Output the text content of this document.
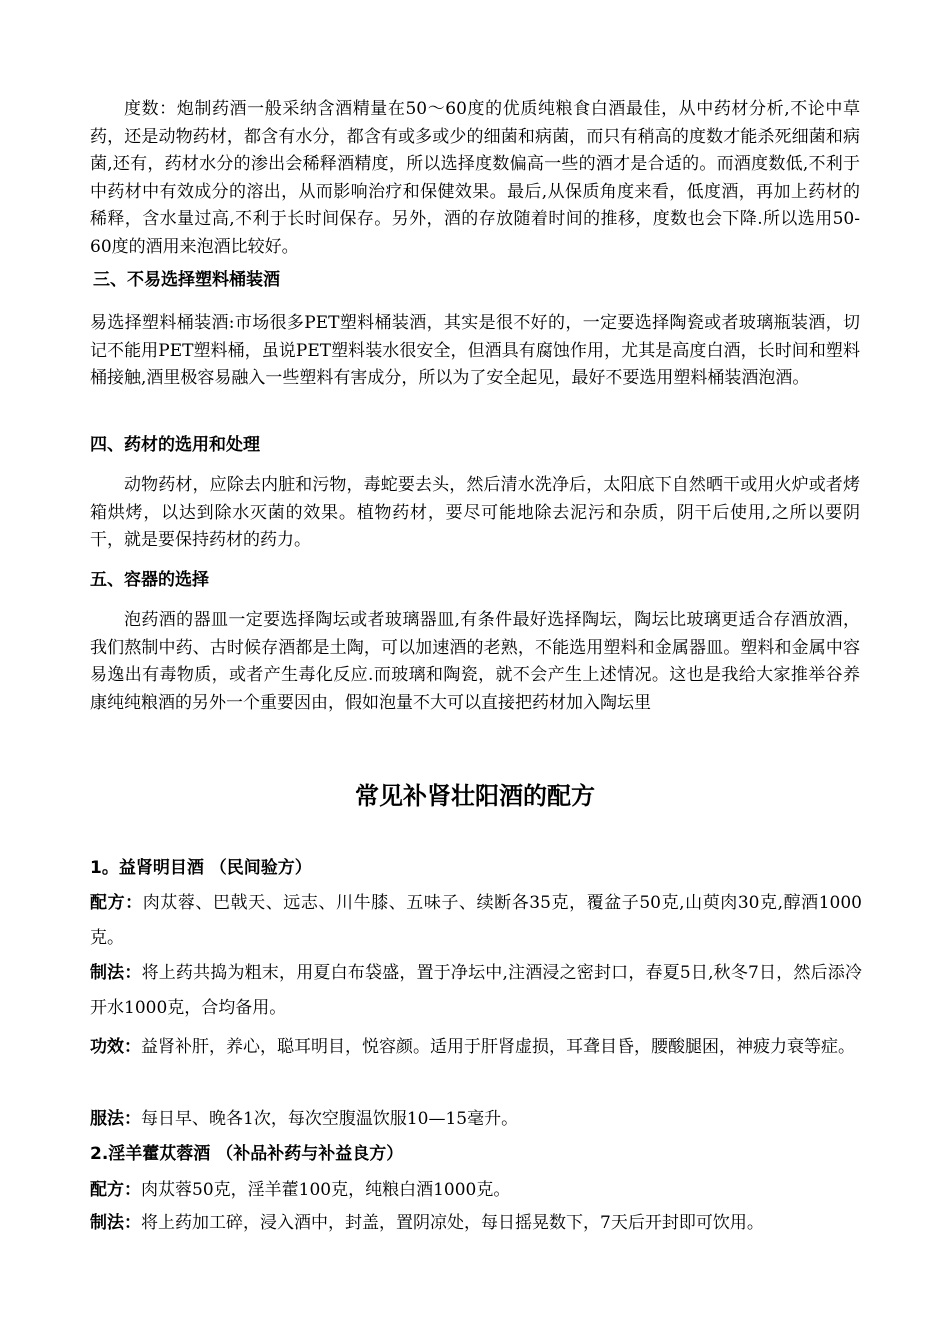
度数：炮制药酒一般采纳含酒精量在50～60度的优质纯粮食白酒最佳，从中药材分析,不论中草药，还是动物药材，都含有水分，都含有或多或少的细菌和病菌，而只有稍高的度数才能杀死细菌和病菌,还有，药材水分的渗出会稀释酒精度，所以选择度数偏高一些的酒才是合适的。而酒度数低,不利于中药材中有效成分的溶出，从而影响治疗和保健效果。最后,从保质角度来看，低度酒，再加上药材的稀释，含水量过高,不利于长时间保存。另外，酒的存放随着时间的推移，度数也会下降.所以选用50-60度的酒用来泡酒比较好。

三、不易选择塑料桶装酒

易选择塑料桶装酒:市场很多PET塑料桶装酒，其实是很不好的，一定要选择陶瓷或者玻璃瓶装酒，切记不能用PET塑料桶，虽说PET塑料装水很安全，但酒具有腐蚀作用，尤其是高度白酒，长时间和塑料桶接触,酒里极容易融入一些塑料有害成分，所以为了安全起见，最好不要选用塑料桶装酒泡酒。

四、药材的选用和处理

动物药材，应除去内脏和污物，毒蛇要去头，然后清水洗净后，太阳底下自然晒干或用火炉或者烤箱烘烤，以达到除水灭菌的效果。植物药材，要尽可能地除去泥污和杂质，阴干后使用,之所以要阴干，就是要保持药材的药力。

五、容器的选择

泡药酒的器皿一定要选择陶坛或者玻璃器皿,有条件最好选择陶坛，陶坛比玻璃更适合存酒放酒，我们熬制中药、古时候存酒都是土陶，可以加速酒的老熟，不能选用塑料和金属器皿。塑料和金属中容易逸出有毒物质，或者产生毒化反应.而玻璃和陶瓷，就不会产生上述情况。这也是我给大家推举谷养康纯纯粮酒的另外一个重要因由，假如泡量不大可以直接把药材加入陶坛里

常见补肾壮阳酒的配方
1。益肾明目酒 （民间验方）

配方：肉苁蓉、巴戟天、远志、川牛膝、五味子、续断各35克，覆盆子50克,山萸肉30克,醇酒1000克。

制法：将上药共捣为粗末，用夏白布袋盛，置于净坛中,注酒浸之密封口，春夏5日,秋冬7日，然后添冷开水1000克，合均备用。

功效：益肾补肝，养心，聪耳明目，悦容颜。适用于肝肾虚损，耳聋目昏，腰酸腿困，神疲力衰等症。

服法：每日早、晚各1次，每次空腹温饮服10—15毫升。

2.淫羊藿苁蓉酒 （补品补药与补益良方）

配方：肉苁蓉50克，淫羊藿100克，纯粮白酒1000克。

制法：将上药加工碎，浸入酒中，封盖，置阴凉处，每日摇晃数下，7天后开封即可饮用。
